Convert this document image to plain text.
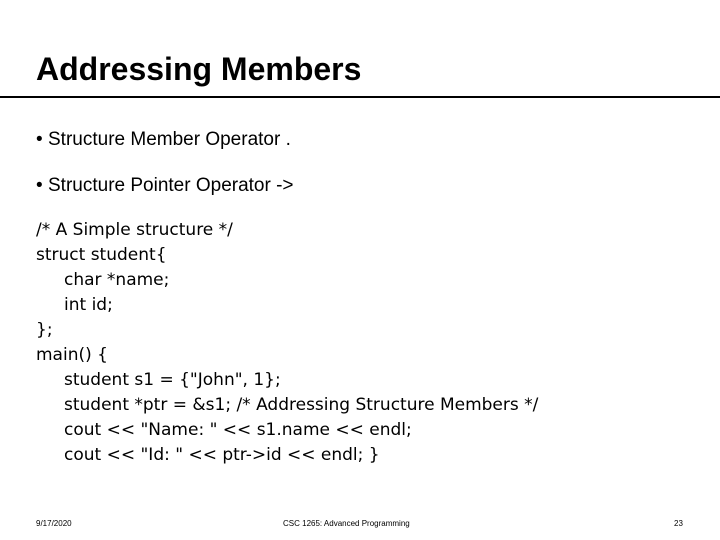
Addressing Members
• Structure Member Operator .
• Structure Pointer Operator ->
/* A Simple structure */
struct student{
char *name;
int id;
};
main() {
student s1 = {"John", 1};
student *ptr = &s1; /* Addressing Structure Members */
cout << "Name: " << s1.name << endl;
cout << "Id: " << ptr->id << endl; }
9/17/2020	CSC 1265: Advanced Programming	23
